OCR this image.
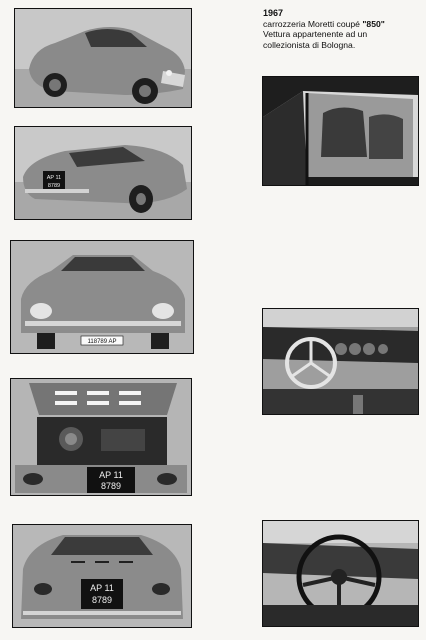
1967
carrozzeria Moretti coupé "850"
Vettura appartenente ad un
collezionista di Bologna.
AP 11
8789
118789 AP
AP 11
8789
AP 11
8789
